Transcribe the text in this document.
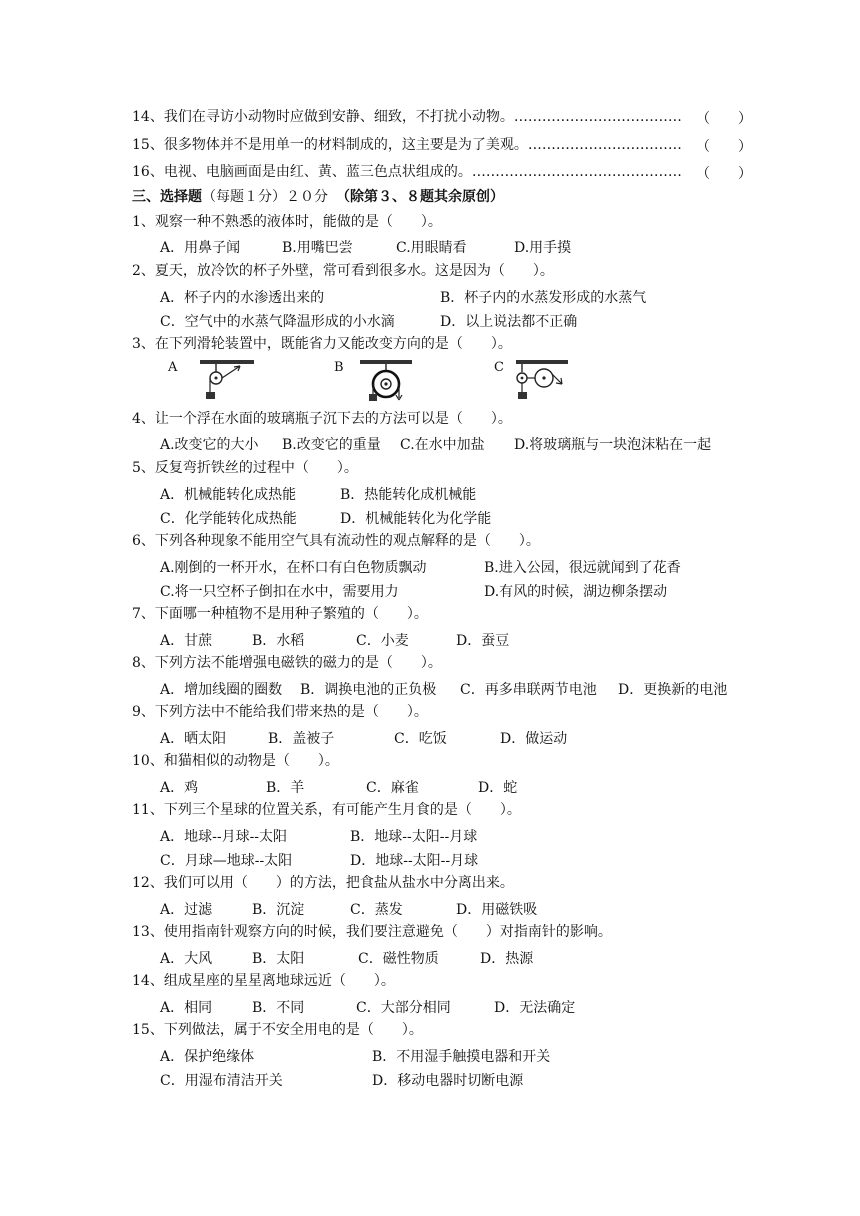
14、我们在寻访小动物时应做到安静、细致，不打扰小动物。……………………………… （　　）
15、很多物体并不是用单一的材料制成的，这主要是为了美观。…………………………… （　　）
16、电视、电脑画面是由红、黄、蓝三色点状组成的。……………………………………… （　　）
三、选择题（每题１分）２０分 （除第３、８题其余原创）
1、观察一种不熟悉的液体时，能做的是（　　）。
A．用鼻子闻	B.用嘴巴尝	C.用眼睛看	D.用手摸
2、夏天，放冷饮的杯子外壁，常可看到很多水。这是因为（　　）。
A．杯子内的水渗透出来的	B．杯子内的水蒸发形成的水蒸气
C．空气中的水蒸气降温形成的小水滴	D．以上说法都不正确
3、在下列滑轮装置中，既能省力又能改变方向的是（　　）。
A	B	C
4、让一个浮在水面的玻璃瓶子沉下去的方法可以是（　　）。
A.改变它的大小 B.改变它的重量 C.在水中加盐 D.将玻璃瓶与一块泡沫粘在一起
5、反复弯折铁丝的过程中（　　）。
A．机械能转化成热能	B．热能转化成机械能
C．化学能转化成热能	D．机械能转化为化学能
6、下列各种现象不能用空气具有流动性的观点解释的是（　　）。
A.刚倒的一杯开水，在杯口有白色物质飘动	B.进入公园，很远就闻到了花香
C.将一只空杯子倒扣在水中，需要用力	D.有风的时候，湖边柳条摆动
7、下面哪一种植物不是用种子繁殖的（　　）。
A．甘蔗	B．水稻	C．小麦	D．蚕豆
8、下列方法不能增强电磁铁的磁力的是（　　）。
A．增加线圈的圈数 B．调换电池的正负极 C．再多串联两节电池 D．更换新的电池
9、下列方法中不能给我们带来热的是（　　）。
A．晒太阳	B．盖被子	C．吃饭	D．做运动
10、和猫相似的动物是（　　）。
A．鸡	B．羊	C．麻雀	D．蛇
11、下列三个星球的位置关系，有可能产生月食的是（　　）。
A．地球--月球--太阳	B．地球--太阳--月球
C．月球—地球--太阳	D．地球--太阳--月球
12、我们可以用（　　）的方法，把食盐从盐水中分离出来。
A．过滤	B．沉淀	C．蒸发	D．用磁铁吸
13、使用指南针观察方向的时候，我们要注意避免（　　）对指南针的影响。
A．大风	B．太阳	C．磁性物质	D．热源
14、组成星座的星星离地球远近（　　）。
A．相同	B．不同	C．大部分相同	D．无法确定
15、下列做法，属于不安全用电的是（　　）。
A．保护绝缘体	B．不用湿手触摸电器和开关
C．用湿布清洁开关	D．移动电器时切断电源
